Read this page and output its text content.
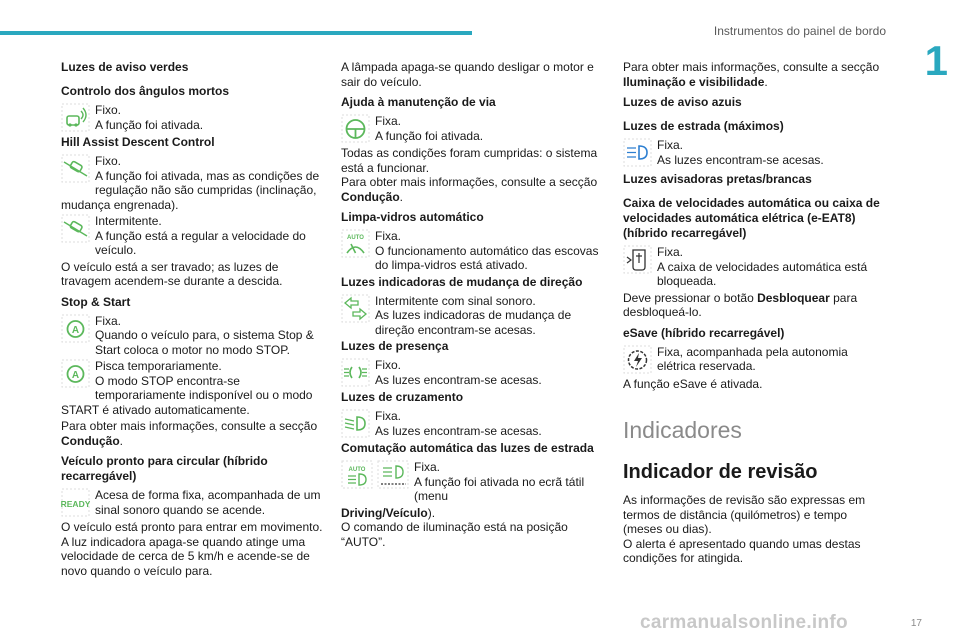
Instrumentos do painel de bordo
1
Luzes de aviso verdes
Controlo dos ângulos mortos

Fixo.

A função foi ativada.

Hill Assist Descent Control

Fixo.

A função foi ativada, mas as condições de regulação não são cumpridas (inclinação, mudança engrenada).

Intermitente.

A função está a regular a velocidade do veículo.

O veículo está a ser travado; as luzes de travagem acendem-se durante a descida.

Stop & Start
A

Fixa.

Quando o veículo para, o sistema Stop & Start coloca o motor no modo STOP.

A

Pisca temporariamente.

O modo STOP encontra-se temporariamente indisponível ou o modo START é ativado automaticamente.

Para obter mais informações, consulte a secção Condução.

Veículo pronto para circular (híbrido recarregável)
READY

Acesa de forma fixa, acompanhada de um sinal sonoro quando se acende.

O veículo está pronto para entrar em movimento.

A luz indicadora apaga-se quando atinge uma velocidade de cerca de 5 km/h e acende-se de novo quando o veículo para.

A lâmpada apaga-se quando desligar o motor e sair do veículo.

Ajuda à manutenção de via

Fixa.

A função foi ativada.

Todas as condições foram cumpridas: o sistema está a funcionar.

Para obter mais informações, consulte a secção Condução.

Limpa-vidros automático
AUTO Fixa.

O funcionamento automático das escovas do limpa-vidros está ativado.

Luzes indicadoras de mudança de direção

Intermitente com sinal sonoro.

As luzes indicadoras de mudança de direção encontram-se acesas.

Luzes de presença

Fixo.

As luzes encontram-se acesas.

Luzes de cruzamento

Fixa.

As luzes encontram-se acesas.

Comutação automática das luzes de estrada
AUTO	Fixa.

A função foi ativada no ecrã tátil (menu

Driving/Veículo).

O comando de iluminação está na posição “AUTO”.

Para obter mais informações, consulte a secção Iluminação e visibilidade.

Luzes de aviso azuis
Luzes de estrada (máximos)

Fixa.

As luzes encontram-se acesas.

Luzes avisadoras pretas/brancas
Caixa de velocidades automática ou caixa de velocidades automática elétrica (e-EAT8) (híbrido recarregável)

Fixa.

A caixa de velocidades automática está bloqueada.

Deve pressionar o botão Desbloquear para desbloqueá-lo.

eSave (híbrido recarregável)

Fixa, acompanhada pela autonomia elétrica reservada.

A função eSave é ativada.

Indicadores
Indicador de revisão

As informações de revisão são expressas em termos de distância (quilómetros) e tempo (meses ou dias).

O alerta é apresentado quando umas destas condições for atingida.

carmanualsonline.info	17
